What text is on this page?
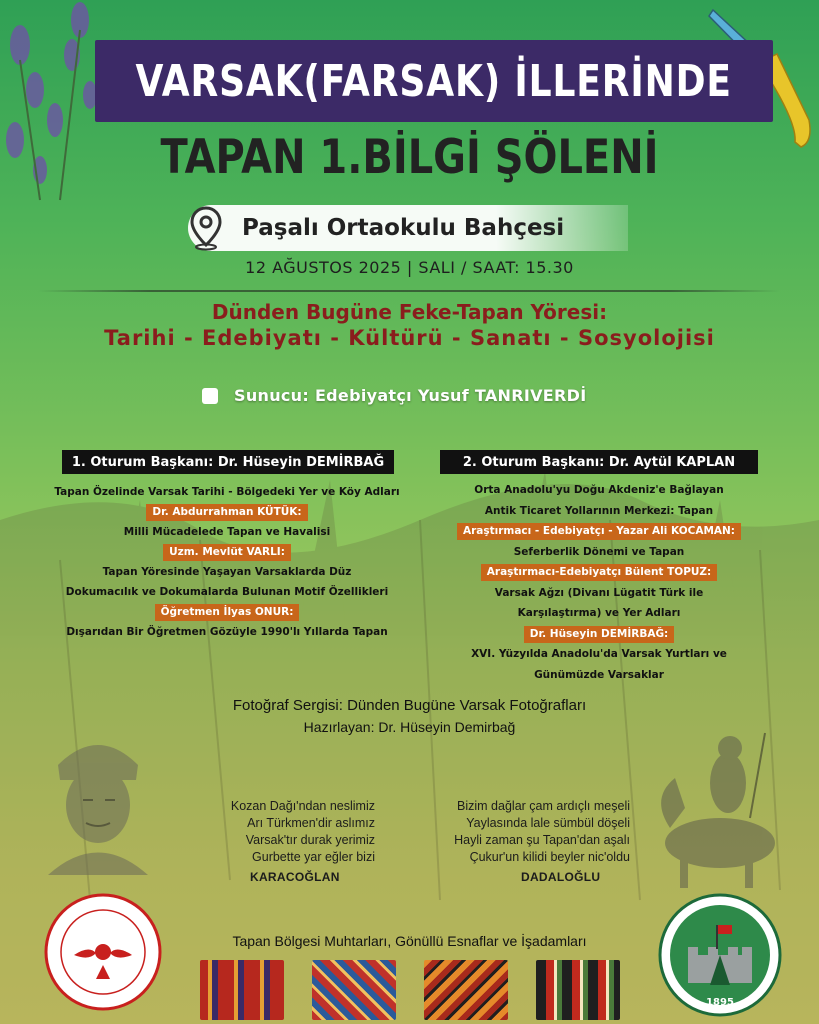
VARSAK(FARSAK) İLLERİNDE
TAPAN 1.BİLGİ ŞÖLENİ
Paşalı Ortaokulu Bahçesi
12 AĞUSTOS 2025 | SALI / SAAT: 15.30
Dünden Bugüne Feke-Tapan Yöresi:
Tarihi - Edebiyatı - Kültürü - Sanatı - Sosyolojisi
Sunucu: Edebiyatçı Yusuf TANRIVERDİ
1. Oturum Başkanı: Dr. Hüseyin DEMİRBAĞ	2. Oturum Başkanı: Dr. Aytül KAPLAN
Tapan Özelinde Varsak Tarihi - Bölgedeki Yer ve Köy Adları
Dr. Abdurrahman KÜTÜK:
Milli Mücadelede Tapan ve Havalisi
Uzm. Mevlüt VARLI:
Tapan Yöresinde Yaşayan Varsaklarda Düz
Dokumacılık ve Dokumalarda Bulunan Motif Özellikleri
Öğretmen İlyas ONUR:
Dışarıdan Bir Öğretmen Gözüyle 1990'lı Yıllarda Tapan
Orta Anadolu'yu Doğu Akdeniz'e Bağlayan
Antik Ticaret Yollarının Merkezi: Tapan
Araştırmacı - Edebiyatçı - Yazar Ali KOCAMAN:
Seferberlik Dönemi ve Tapan
Araştırmacı-Edebiyatçı Bülent TOPUZ:
Varsak Ağzı (Divanı Lügatit Türk ile
Karşılaştırma) ve Yer Adları
Dr. Hüseyin DEMİRBAĞ:
XVI. Yüzyılda Anadolu'da Varsak Yurtları ve
Günümüzde Varsaklar
Fotoğraf Sergisi: Dünden Bugüne Varsak Fotoğrafları
Hazırlayan: Dr. Hüseyin Demirbağ
Kozan Dağı'ndan neslimiz
Arı Türkmen'dir aslımız
Varsak'tır durak yerimiz
Gurbette yar eğler bizi
Bizim dağlar çam ardıçlı meşeli
Yaylasında lale sümbül döşeli
Hayli zaman şu Tapan'dan aşalı
Çukur'un kilidi beyler nic'oldu
KARACOĞLAN	DADALOĞLU
Tapan Bölgesi Muhtarları, Gönüllü Esnaflar ve İşadamları
1895
